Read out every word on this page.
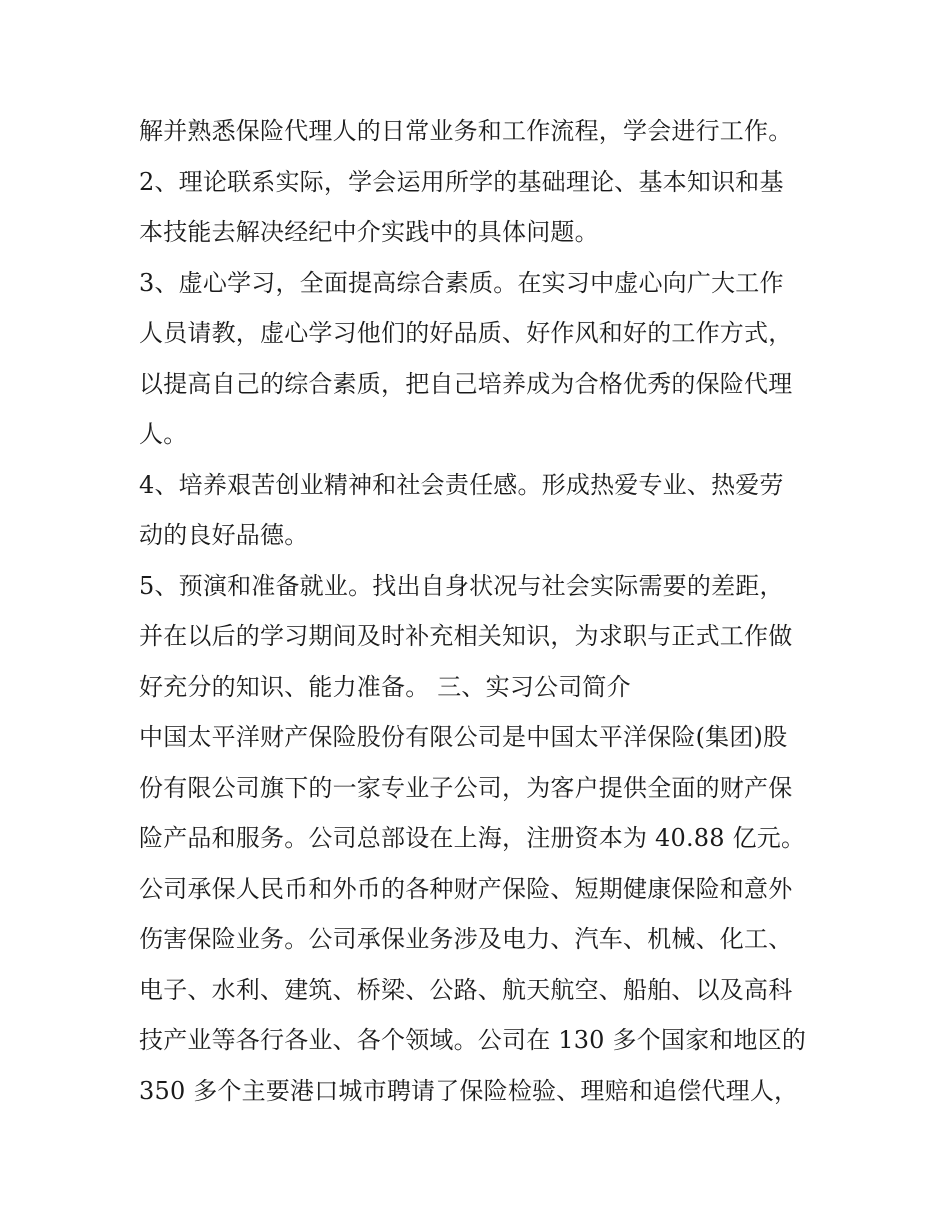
解并熟悉保险代理人的日常业务和工作流程，学会进行工作。
2、理论联系实际，学会运用所学的基础理论、基本知识和基
本技能去解决经纪中介实践中的具体问题。
3、虚心学习，全面提高综合素质。在实习中虚心向广大工作
人员请教，虚心学习他们的好品质、好作风和好的工作方式，
以提高自己的综合素质，把自己培养成为合格优秀的保险代理
人。
4、培养艰苦创业精神和社会责任感。形成热爱专业、热爱劳
动的良好品德。
5、预演和准备就业。找出自身状况与社会实际需要的差距，
并在以后的学习期间及时补充相关知识，为求职与正式工作做
好充分的知识、能力准备。 三、实习公司简介
中国太平洋财产保险股份有限公司是中国太平洋保险(集团)股
份有限公司旗下的一家专业子公司，为客户提供全面的财产保
险产品和服务。公司总部设在上海，注册资本为 40.88 亿元。
公司承保人民币和外币的各种财产保险、短期健康保险和意外
伤害保险业务。公司承保业务涉及电力、汽车、机械、化工、
电子、水利、建筑、桥梁、公路、航天航空、船舶、以及高科
技产业等各行各业、各个领域。公司在 130 多个国家和地区的
350 多个主要港口城市聘请了保险检验、理赔和追偿代理人，
